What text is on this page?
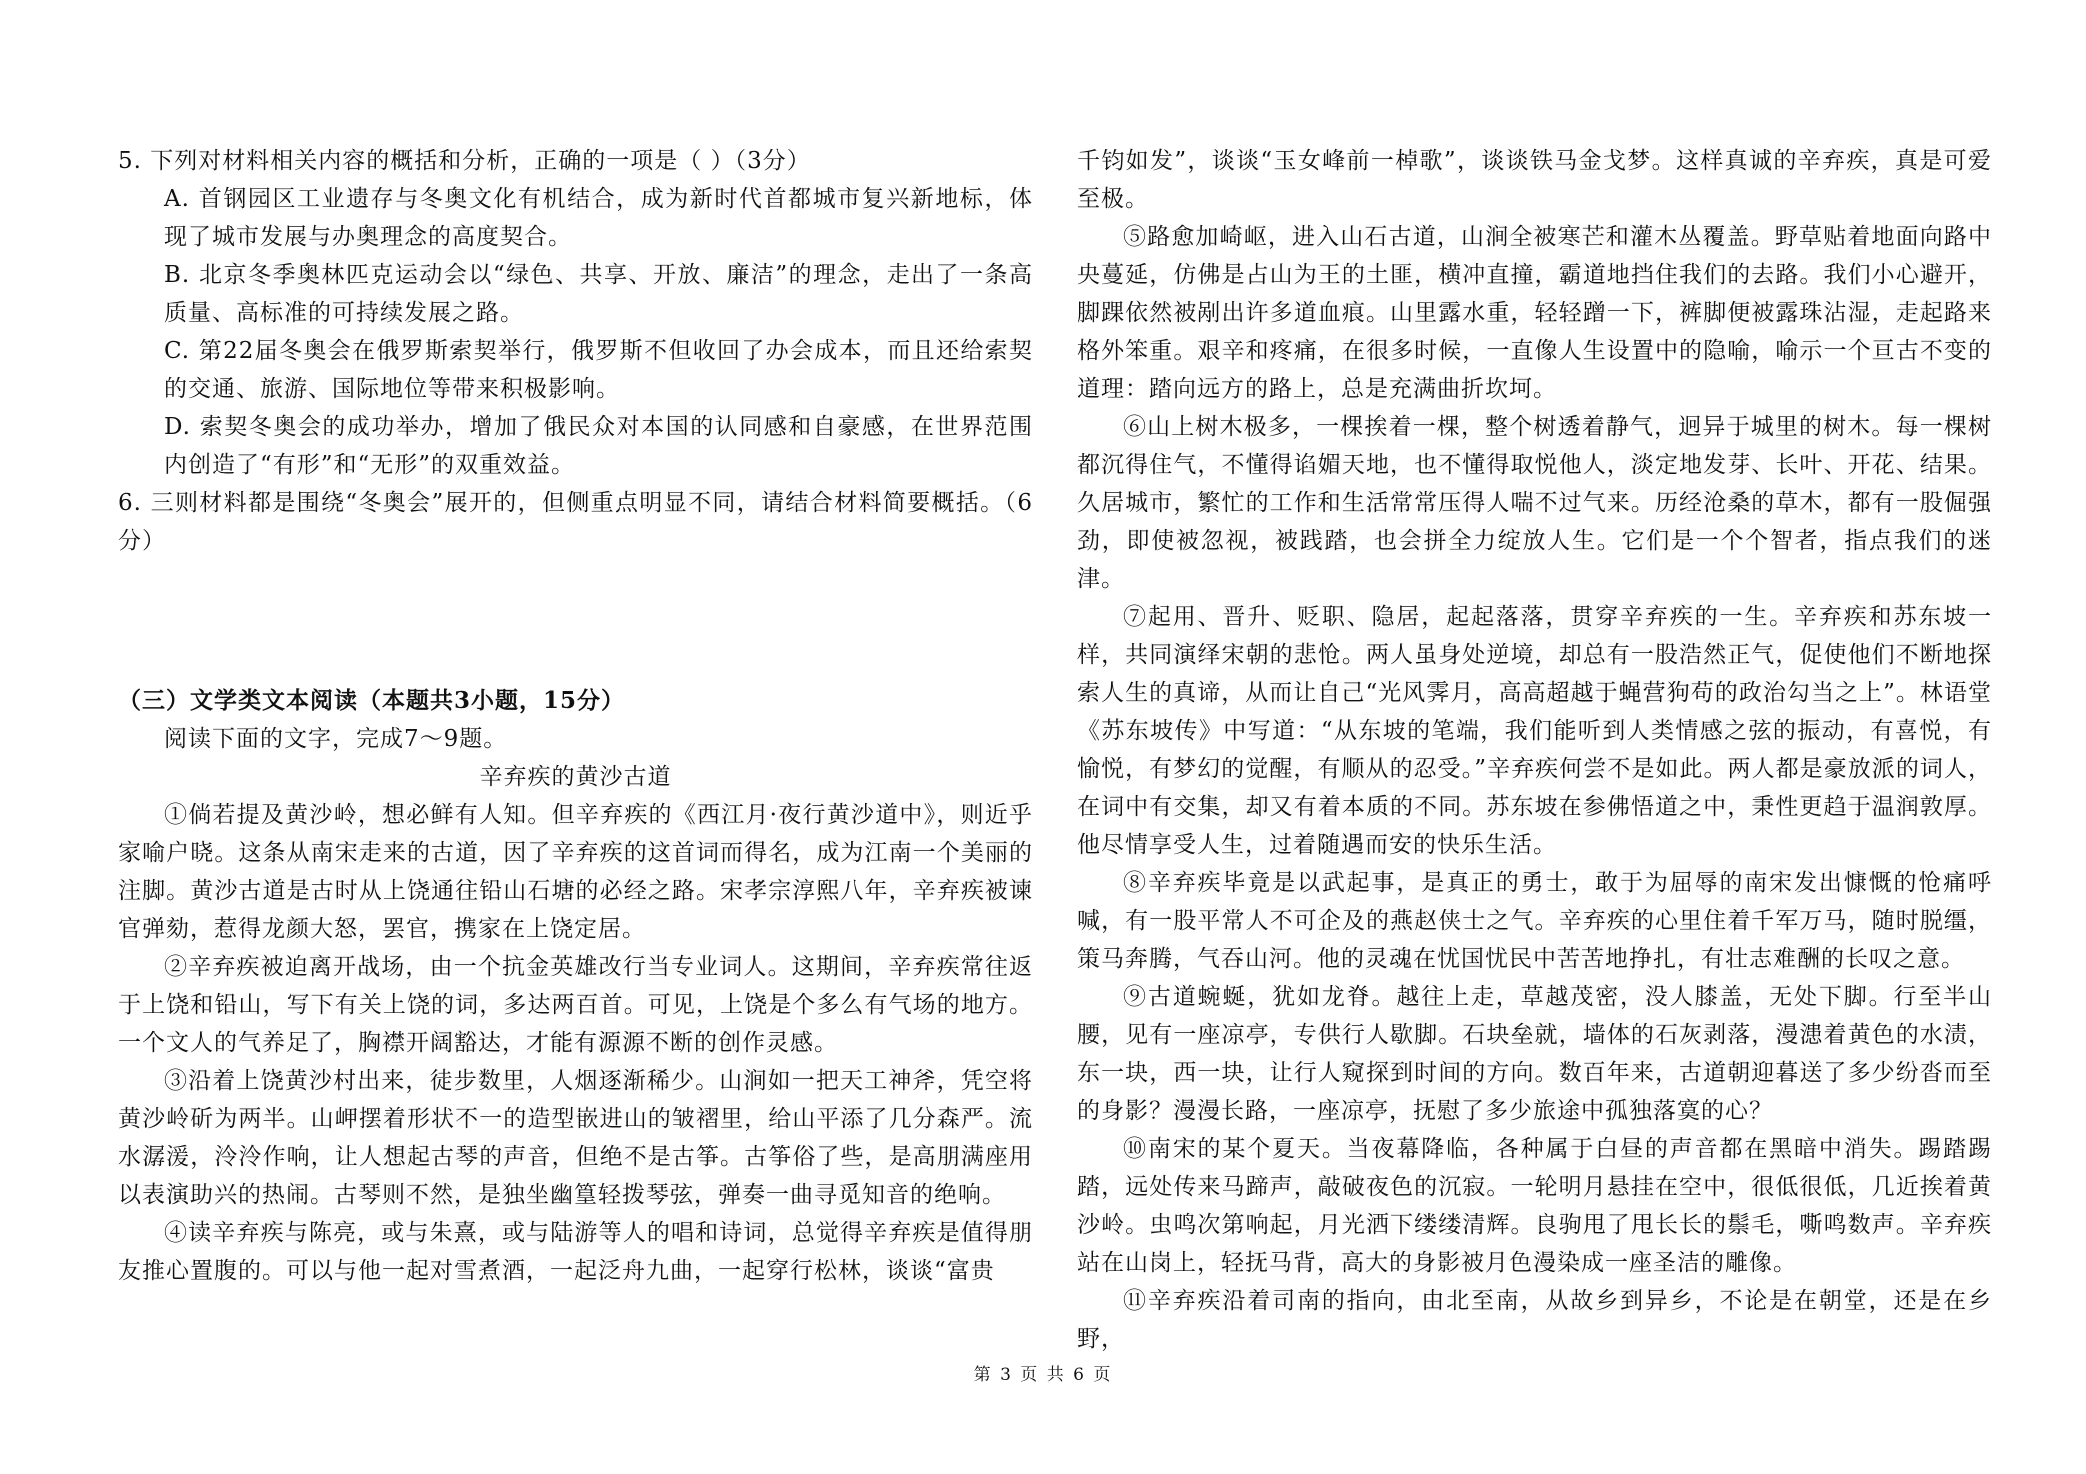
5. 下列对材料相关内容的概括和分析，正确的一项是（ ）（3分）

A. 首钢园区工业遗存与冬奥文化有机结合，成为新时代首都城市复兴新地标，体现了城市发展与办奥理念的高度契合。

B. 北京冬季奥林匹克运动会以“绿色、共享、开放、廉洁”的理念，走出了一条高质量、高标准的可持续发展之路。

C. 第22届冬奥会在俄罗斯索契举行，俄罗斯不但收回了办会成本，而且还给索契的交通、旅游、国际地位等带来积极影响。

D. 索契冬奥会的成功举办，增加了俄民众对本国的认同感和自豪感，在世界范围内创造了“有形”和“无形”的双重效益。

6. 三则材料都是围绕“冬奥会”展开的，但侧重点明显不同，请结合材料简要概括。（6分）

（三）文学类文本阅读（本题共3小题，15分）

阅读下面的文字，完成7～9题。

辛弃疾的黄沙古道

①倘若提及黄沙岭，想必鲜有人知。但辛弃疾的《西江月·夜行黄沙道中》，则近乎家喻户晓。这条从南宋走来的古道，因了辛弃疾的这首词而得名，成为江南一个美丽的注脚。黄沙古道是古时从上饶通往铅山石塘的必经之路。宋孝宗淳熙八年，辛弃疾被谏官弹劾，惹得龙颜大怒，罢官，携家在上饶定居。

②辛弃疾被迫离开战场，由一个抗金英雄改行当专业词人。这期间，辛弃疾常往返于上饶和铅山，写下有关上饶的词，多达两百首。可见，上饶是个多么有气场的地方。一个文人的气养足了，胸襟开阔豁达，才能有源源不断的创作灵感。

③沿着上饶黄沙村出来，徒步数里，人烟逐渐稀少。山涧如一把天工神斧，凭空将黄沙岭斫为两半。山岬摆着形状不一的造型嵌进山的皱褶里，给山平添了几分森严。流水潺湲，泠泠作响，让人想起古琴的声音，但绝不是古筝。古筝俗了些，是高朋满座用以表演助兴的热闹。古琴则不然，是独坐幽篁轻拨琴弦，弹奏一曲寻觅知音的绝响。

④读辛弃疾与陈亮，或与朱熹，或与陆游等人的唱和诗词，总觉得辛弃疾是值得朋友推心置腹的。可以与他一起对雪煮酒，一起泛舟九曲，一起穿行松林，谈谈“富贵

千钧如发”，谈谈“玉女峰前一棹歌”，谈谈铁马金戈梦。这样真诚的辛弃疾，真是可爱至极。

⑤路愈加崎岖，进入山石古道，山涧全被寒芒和灌木丛覆盖。野草贴着地面向路中央蔓延，仿佛是占山为王的土匪，横冲直撞，霸道地挡住我们的去路。我们小心避开，脚踝依然被剐出许多道血痕。山里露水重，轻轻蹭一下，裤脚便被露珠沾湿，走起路来格外笨重。艰辛和疼痛，在很多时候，一直像人生设置中的隐喻，喻示一个亘古不变的道理：踏向远方的路上，总是充满曲折坎坷。

⑥山上树木极多，一棵挨着一棵，整个树透着静气，迥异于城里的树木。每一棵树都沉得住气，不懂得谄媚天地，也不懂得取悦他人，淡定地发芽、长叶、开花、结果。久居城市，繁忙的工作和生活常常压得人喘不过气来。历经沧桑的草木，都有一股倔强劲，即使被忽视，被践踏，也会拼全力绽放人生。它们是一个个智者，指点我们的迷津。

⑦起用、晋升、贬职、隐居，起起落落，贯穿辛弃疾的一生。辛弃疾和苏东坡一样，共同演绎宋朝的悲怆。两人虽身处逆境，却总有一股浩然正气，促使他们不断地探索人生的真谛，从而让自己“光风霁月，高高超越于蝇营狗苟的政治勾当之上”。林语堂《苏东坡传》中写道：“从东坡的笔端，我们能听到人类情感之弦的振动，有喜悦，有愉悦，有梦幻的觉醒，有顺从的忍受。”辛弃疾何尝不是如此。两人都是豪放派的词人，在词中有交集，却又有着本质的不同。苏东坡在参佛悟道之中，秉性更趋于温润敦厚。他尽情享受人生，过着随遇而安的快乐生活。

⑧辛弃疾毕竟是以武起事，是真正的勇士，敢于为屈辱的南宋发出慷慨的怆痛呼喊，有一股平常人不可企及的燕赵侠士之气。辛弃疾的心里住着千军万马，随时脱缰，策马奔腾，气吞山河。他的灵魂在忧国忧民中苦苦地挣扎，有壮志难酬的长叹之意。

⑨古道蜿蜒，犹如龙脊。越往上走，草越茂密，没人膝盖，无处下脚。行至半山腰，见有一座凉亭，专供行人歇脚。石块垒就，墙体的石灰剥落，漫漶着黄色的水渍，东一块，西一块，让行人窥探到时间的方向。数百年来，古道朝迎暮送了多少纷沓而至的身影？漫漫长路，一座凉亭，抚慰了多少旅途中孤独落寞的心？

⑩南宋的某个夏天。当夜幕降临，各种属于白昼的声音都在黑暗中消失。踢踏踢踏，远处传来马蹄声，敲破夜色的沉寂。一轮明月悬挂在空中，很低很低，几近挨着黄沙岭。虫鸣次第响起，月光洒下缕缕清辉。良驹甩了甩长长的鬃毛，嘶鸣数声。辛弃疾站在山岗上，轻抚马背，高大的身影被月色漫染成一座圣洁的雕像。

⑪辛弃疾沿着司南的指向，由北至南，从故乡到异乡，不论是在朝堂，还是在乡野，

第 3 页 共 6 页
